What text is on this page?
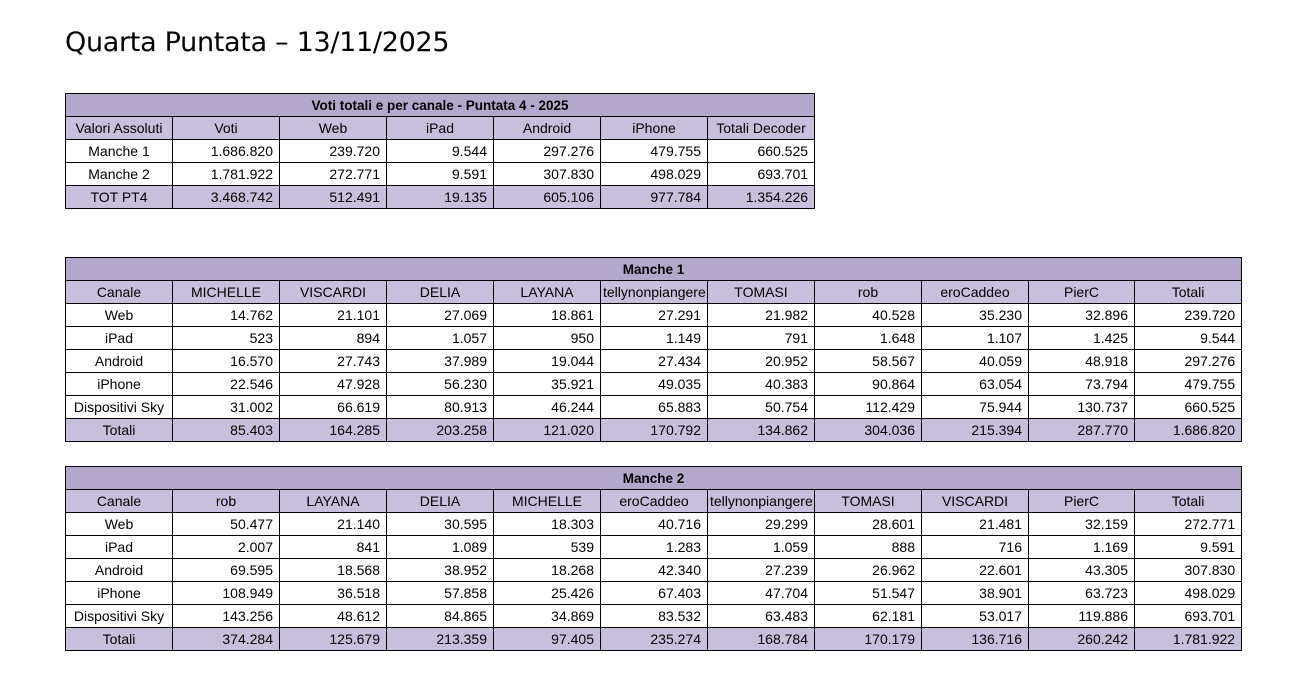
Quarta Puntata – 13/11/2025
Voti totali e per canale - Puntata 4 - 2025						
Valori Assoluti	Voti	Web	iPad	Android	iPhone	Totali Decoder
Manche 1	1.686.820	239.720	9.544	297.276	479.755	660.525
Manche 2	1.781.922	272.771	9.591	307.830	498.029	693.701
TOT PT4	3.468.742	512.491	19.135	605.106	977.784	1.354.226
Manche 1										
Canale	MICHELLE	VISCARDI	DELIA	LAYANA	tellynonpiangere	TOMASI	rob	eroCaddeo	PierC	Totali
Web	14.762	21.101	27.069	18.861	27.291	21.982	40.528	35.230	32.896	239.720
iPad	523	894	1.057	950	1.149	791	1.648	1.107	1.425	9.544
Android	16.570	27.743	37.989	19.044	27.434	20.952	58.567	40.059	48.918	297.276
iPhone	22.546	47.928	56.230	35.921	49.035	40.383	90.864	63.054	73.794	479.755
Dispositivi Sky	31.002	66.619	80.913	46.244	65.883	50.754	112.429	75.944	130.737	660.525
Totali	85.403	164.285	203.258	121.020	170.792	134.862	304.036	215.394	287.770	1.686.820
Manche 2										
Canale	rob	LAYANA	DELIA	MICHELLE	eroCaddeo	tellynonpiangere	TOMASI	VISCARDI	PierC	Totali
Web	50.477	21.140	30.595	18.303	40.716	29.299	28.601	21.481	32.159	272.771
iPad	2.007	841	1.089	539	1.283	1.059	888	716	1.169	9.591
Android	69.595	18.568	38.952	18.268	42.340	27.239	26.962	22.601	43.305	307.830
iPhone	108.949	36.518	57.858	25.426	67.403	47.704	51.547	38.901	63.723	498.029
Dispositivi Sky	143.256	48.612	84.865	34.869	83.532	63.483	62.181	53.017	119.886	693.701
Totali	374.284	125.679	213.359	97.405	235.274	168.784	170.179	136.716	260.242	1.781.922
